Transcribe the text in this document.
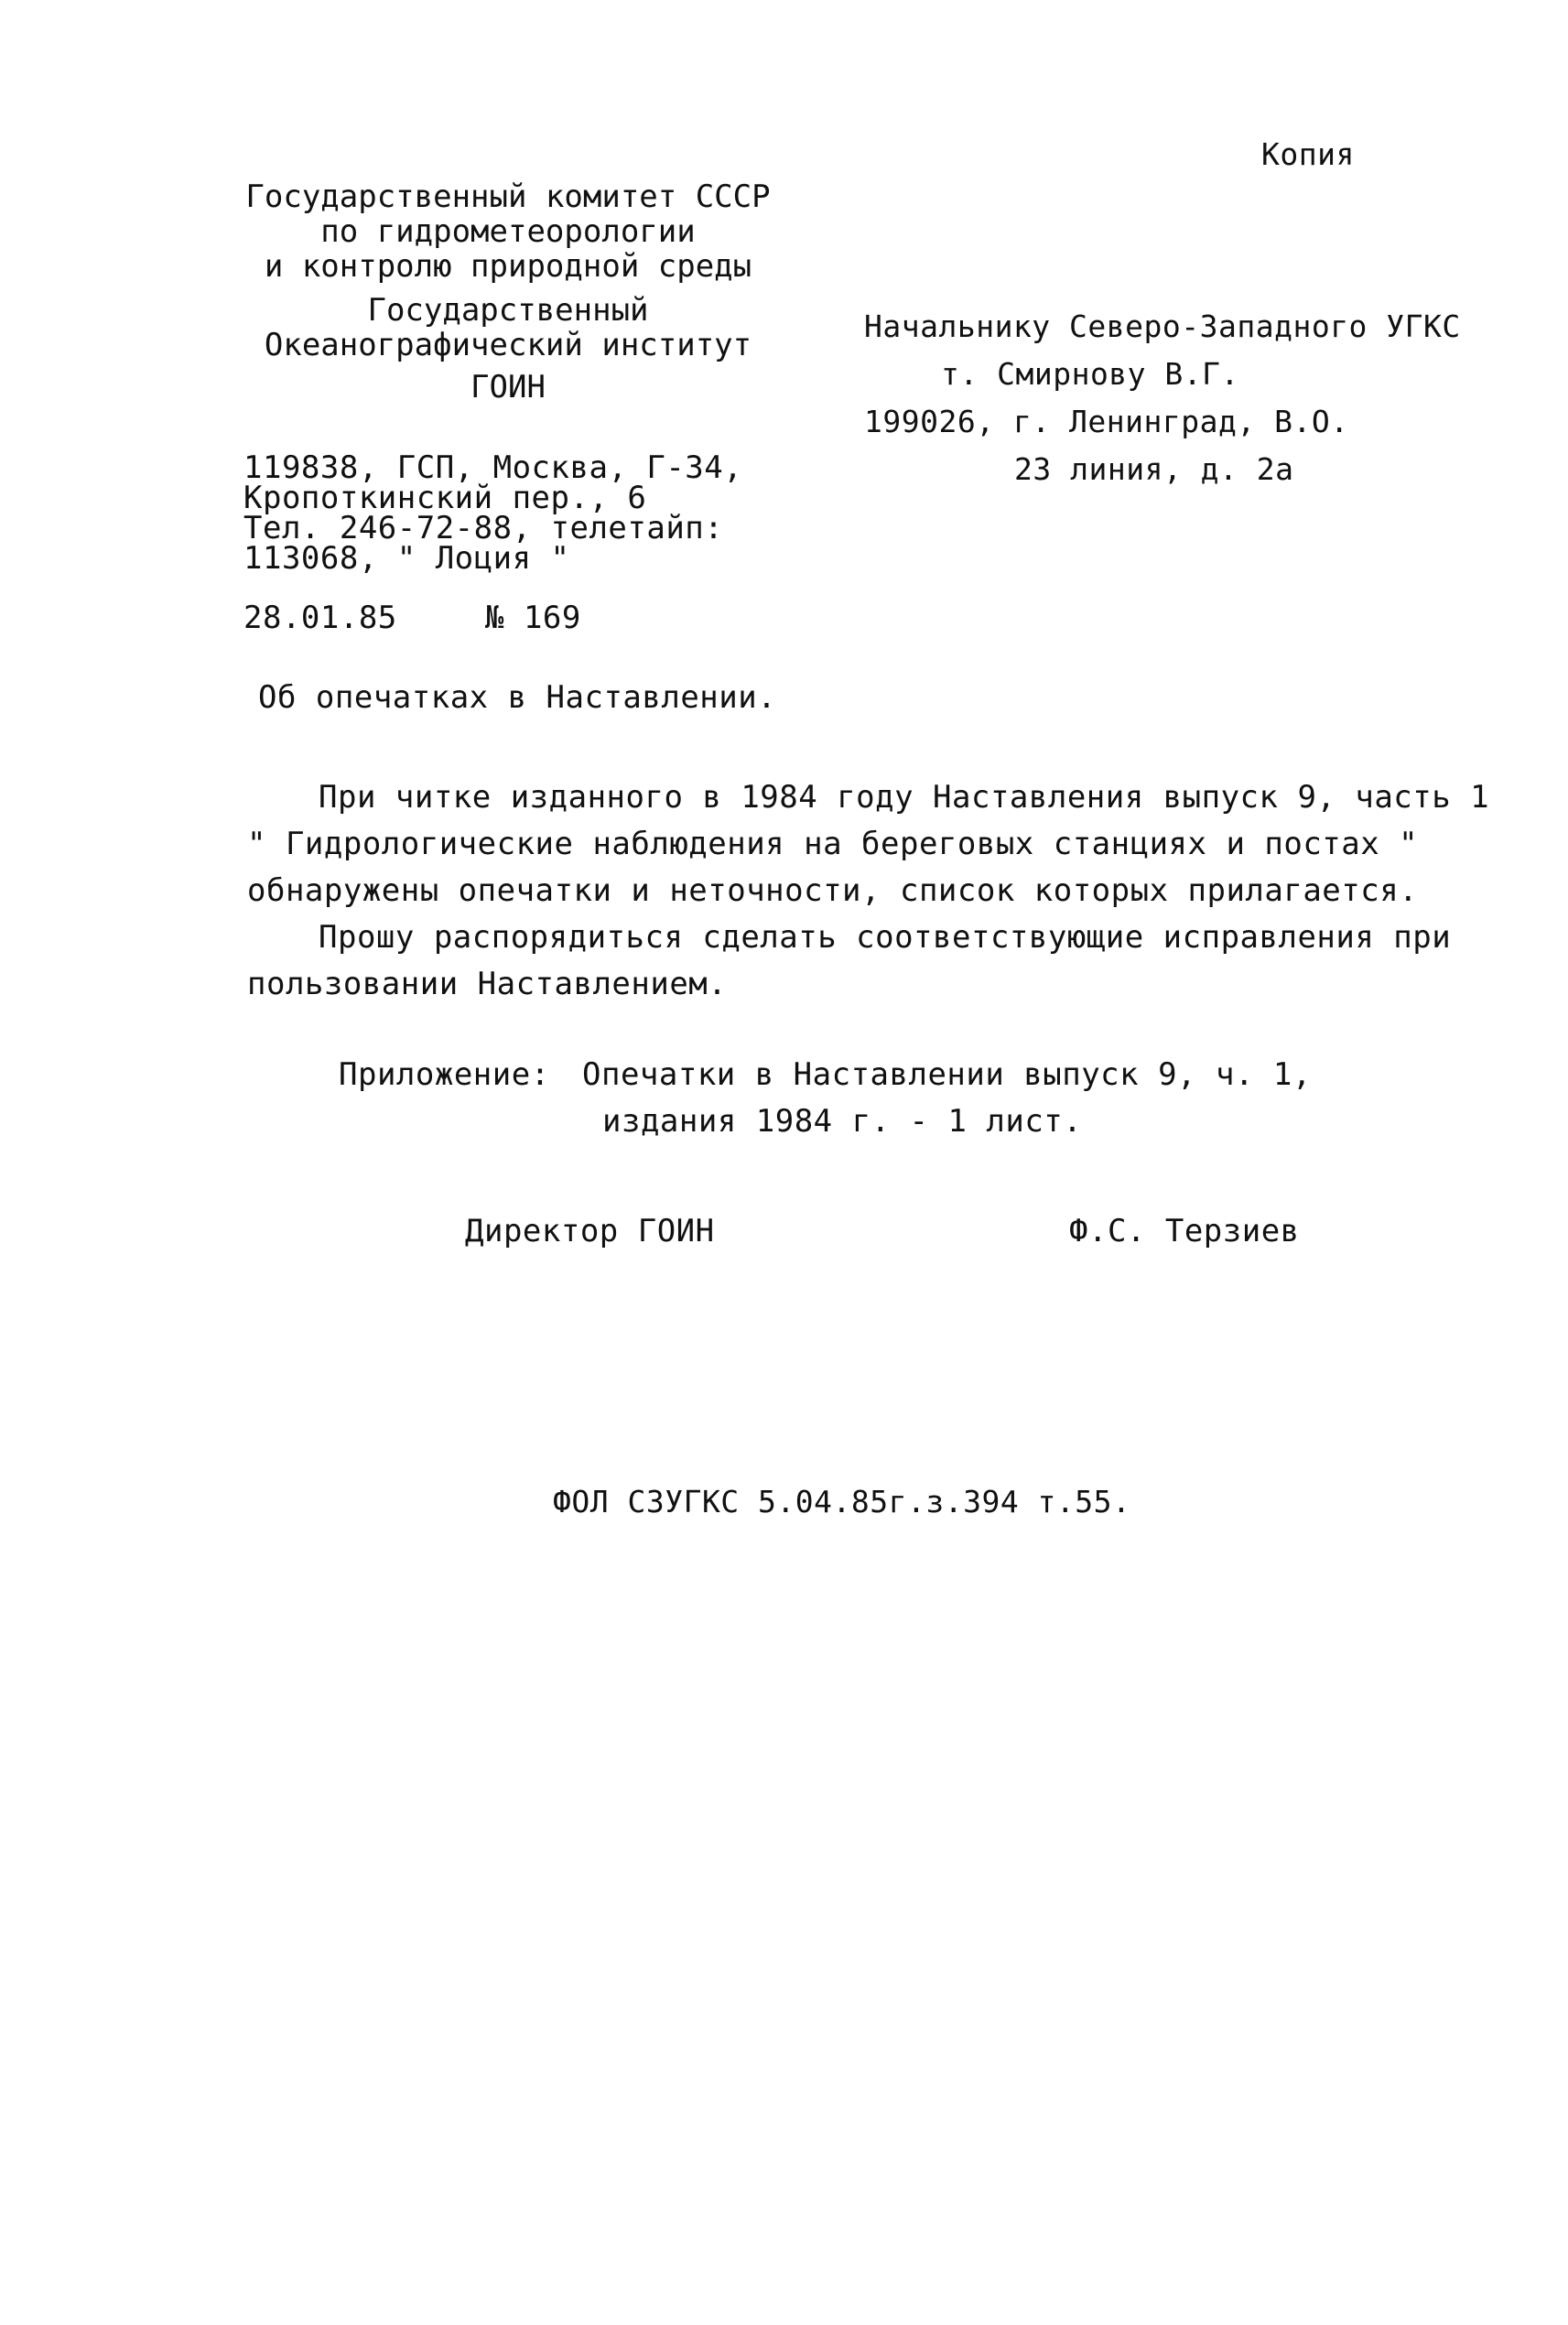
Копия
Государственный комитет СССР
по гидрометеорологии
и контролю природной среды
Государственный
Океанографический институт
ГОИН
119838, ГСП, Москва, Г-34,
Кропоткинский пер., 6
Тел. 246-72-88, телетайп:
113068, " Лоция "
Начальнику Северо-Западного УГКС
т. Смирнову В.Г.
199026, г. Ленинград, В.О.
23 линия, д. 2а
28.01.85	№ 169
Об опечатках в Наставлении.
При читке изданного в 1984 году Наставления выпуск 9, часть 1
" Гидрологические наблюдения на береговых станциях и постах "
обнаружены опечатки и неточности, список которых прилагается.
Прошу распорядиться сделать соответствующие исправления при
пользовании Наставлением.
Приложение: Опечатки в Наставлении выпуск 9, ч. 1,
издания 1984 г. - 1 лист.
Директор ГОИН	Ф.С. Терзиев
ФОЛ СЗУГКС 5.04.85г.з.394 т.55.
